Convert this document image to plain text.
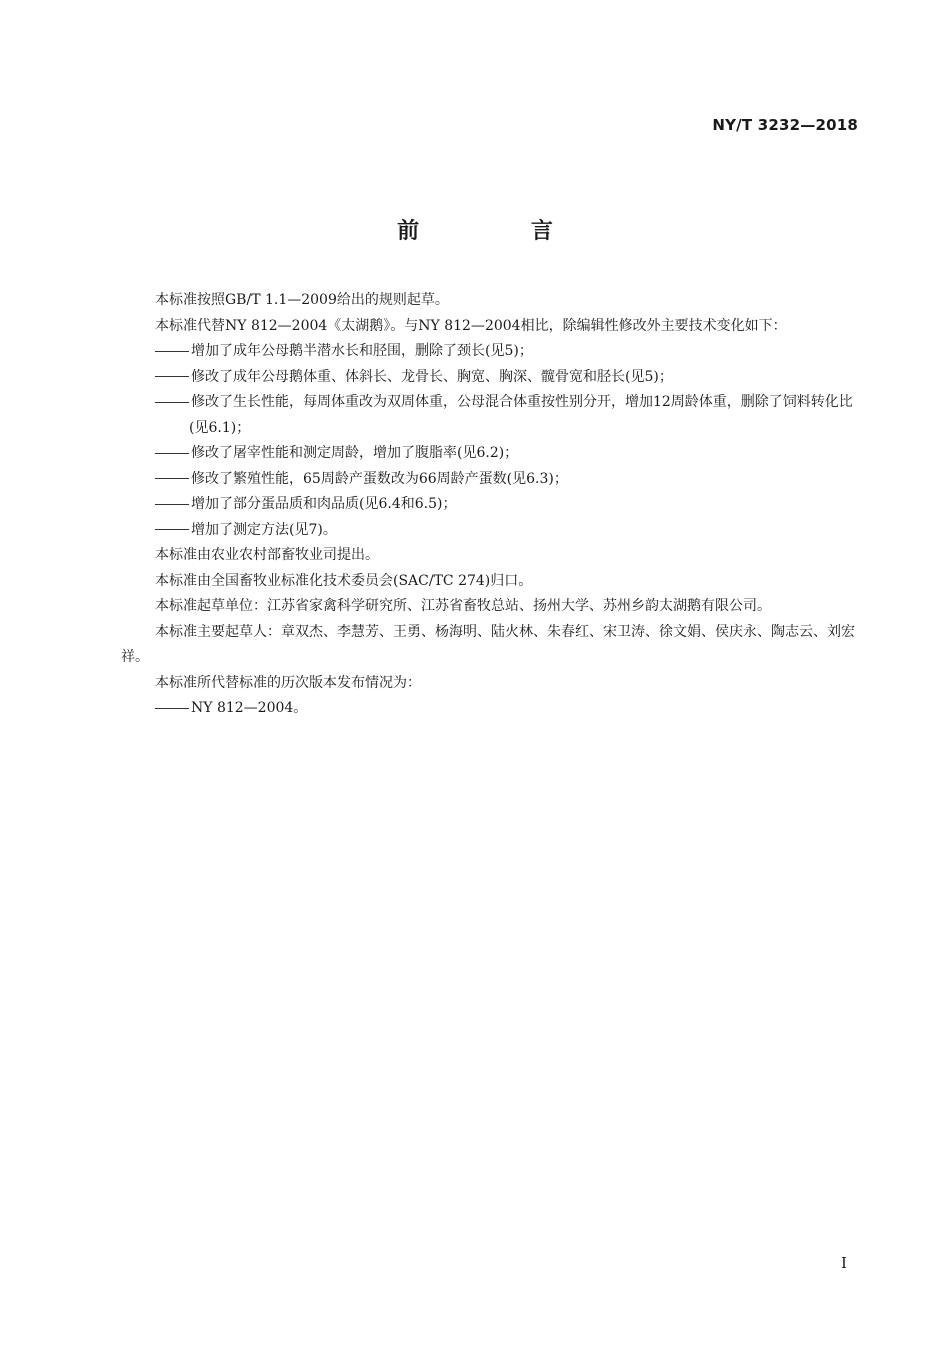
NY/T 3232—2018
前 言

本标准按照GB/T 1.1—2009给出的规则起草。

本标准代替NY 812—2004《太湖鹅》。与NY 812—2004相比，除编辑性修改外主要技术变化如下：

增加了成年公母鹅半潜水长和胫围，删除了颈长(见5)；

修改了成年公母鹅体重、体斜长、龙骨长、胸宽、胸深、髋骨宽和胫长(见5)；

修改了生长性能，每周体重改为双周体重，公母混合体重按性别分开，增加12周龄体重，删除了饲料转化比(见6.1)；

修改了屠宰性能和测定周龄，增加了腹脂率(见6.2)；

修改了繁殖性能，65周龄产蛋数改为66周龄产蛋数(见6.3)；

增加了部分蛋品质和肉品质(见6.4和6.5)；

增加了测定方法(见7)。

本标准由农业农村部畜牧业司提出。

本标准由全国畜牧业标准化技术委员会(SAC/TC 274)归口。

本标准起草单位：江苏省家禽科学研究所、江苏省畜牧总站、扬州大学、苏州乡韵太湖鹅有限公司。

本标准主要起草人：章双杰、李慧芳、王勇、杨海明、陆火林、朱春红、宋卫涛、徐文娟、侯庆永、陶志云、刘宏祥。

本标准所代替标准的历次版本发布情况为：

NY 812—2004。

I
